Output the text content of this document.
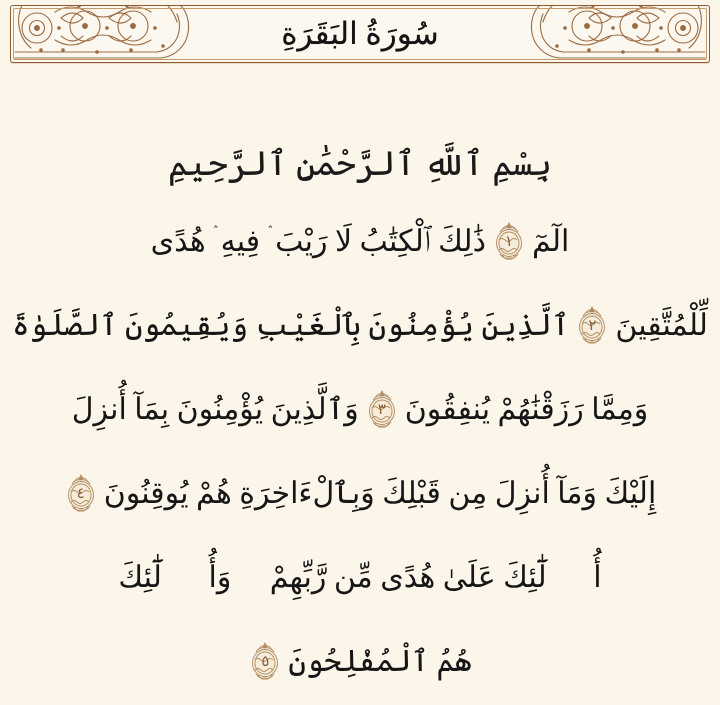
سُورَةُ البَقَرَةِ
بِسْمِ ٱللَّهِ ٱلرَّحْمَٰنِ ٱلرَّحِيمِ
الٓمٓ
١
ذَٰلِكَ ٱلْكِتَٰبُ لَا رَيْبَ ۛ فِيهِ ۛ هُدًى
لِّلْمُتَّقِينَ
٢
ٱلَّذِينَ يُؤْمِنُونَ بِٱلْغَيْبِ وَيُقِيمُونَ ٱلصَّلَوٰةَ
وَمِمَّا رَزَقْنَٰهُمْ يُنفِقُونَ
٣
وَٱلَّذِينَ يُؤْمِنُونَ بِمَآ أُنزِلَ
إِلَيْكَ وَمَآ أُنزِلَ مِن قَبْلِكَ وَبِٱلْءَاخِرَةِ هُمْ يُوقِنُونَ
٤
أُو۟لَٰٓئِكَ عَلَىٰ هُدًى مِّن رَّبِّهِمْ ۖ وَأُو۟لَٰٓئِكَ
هُمُ ٱلْمُفْلِحُونَ
٥
